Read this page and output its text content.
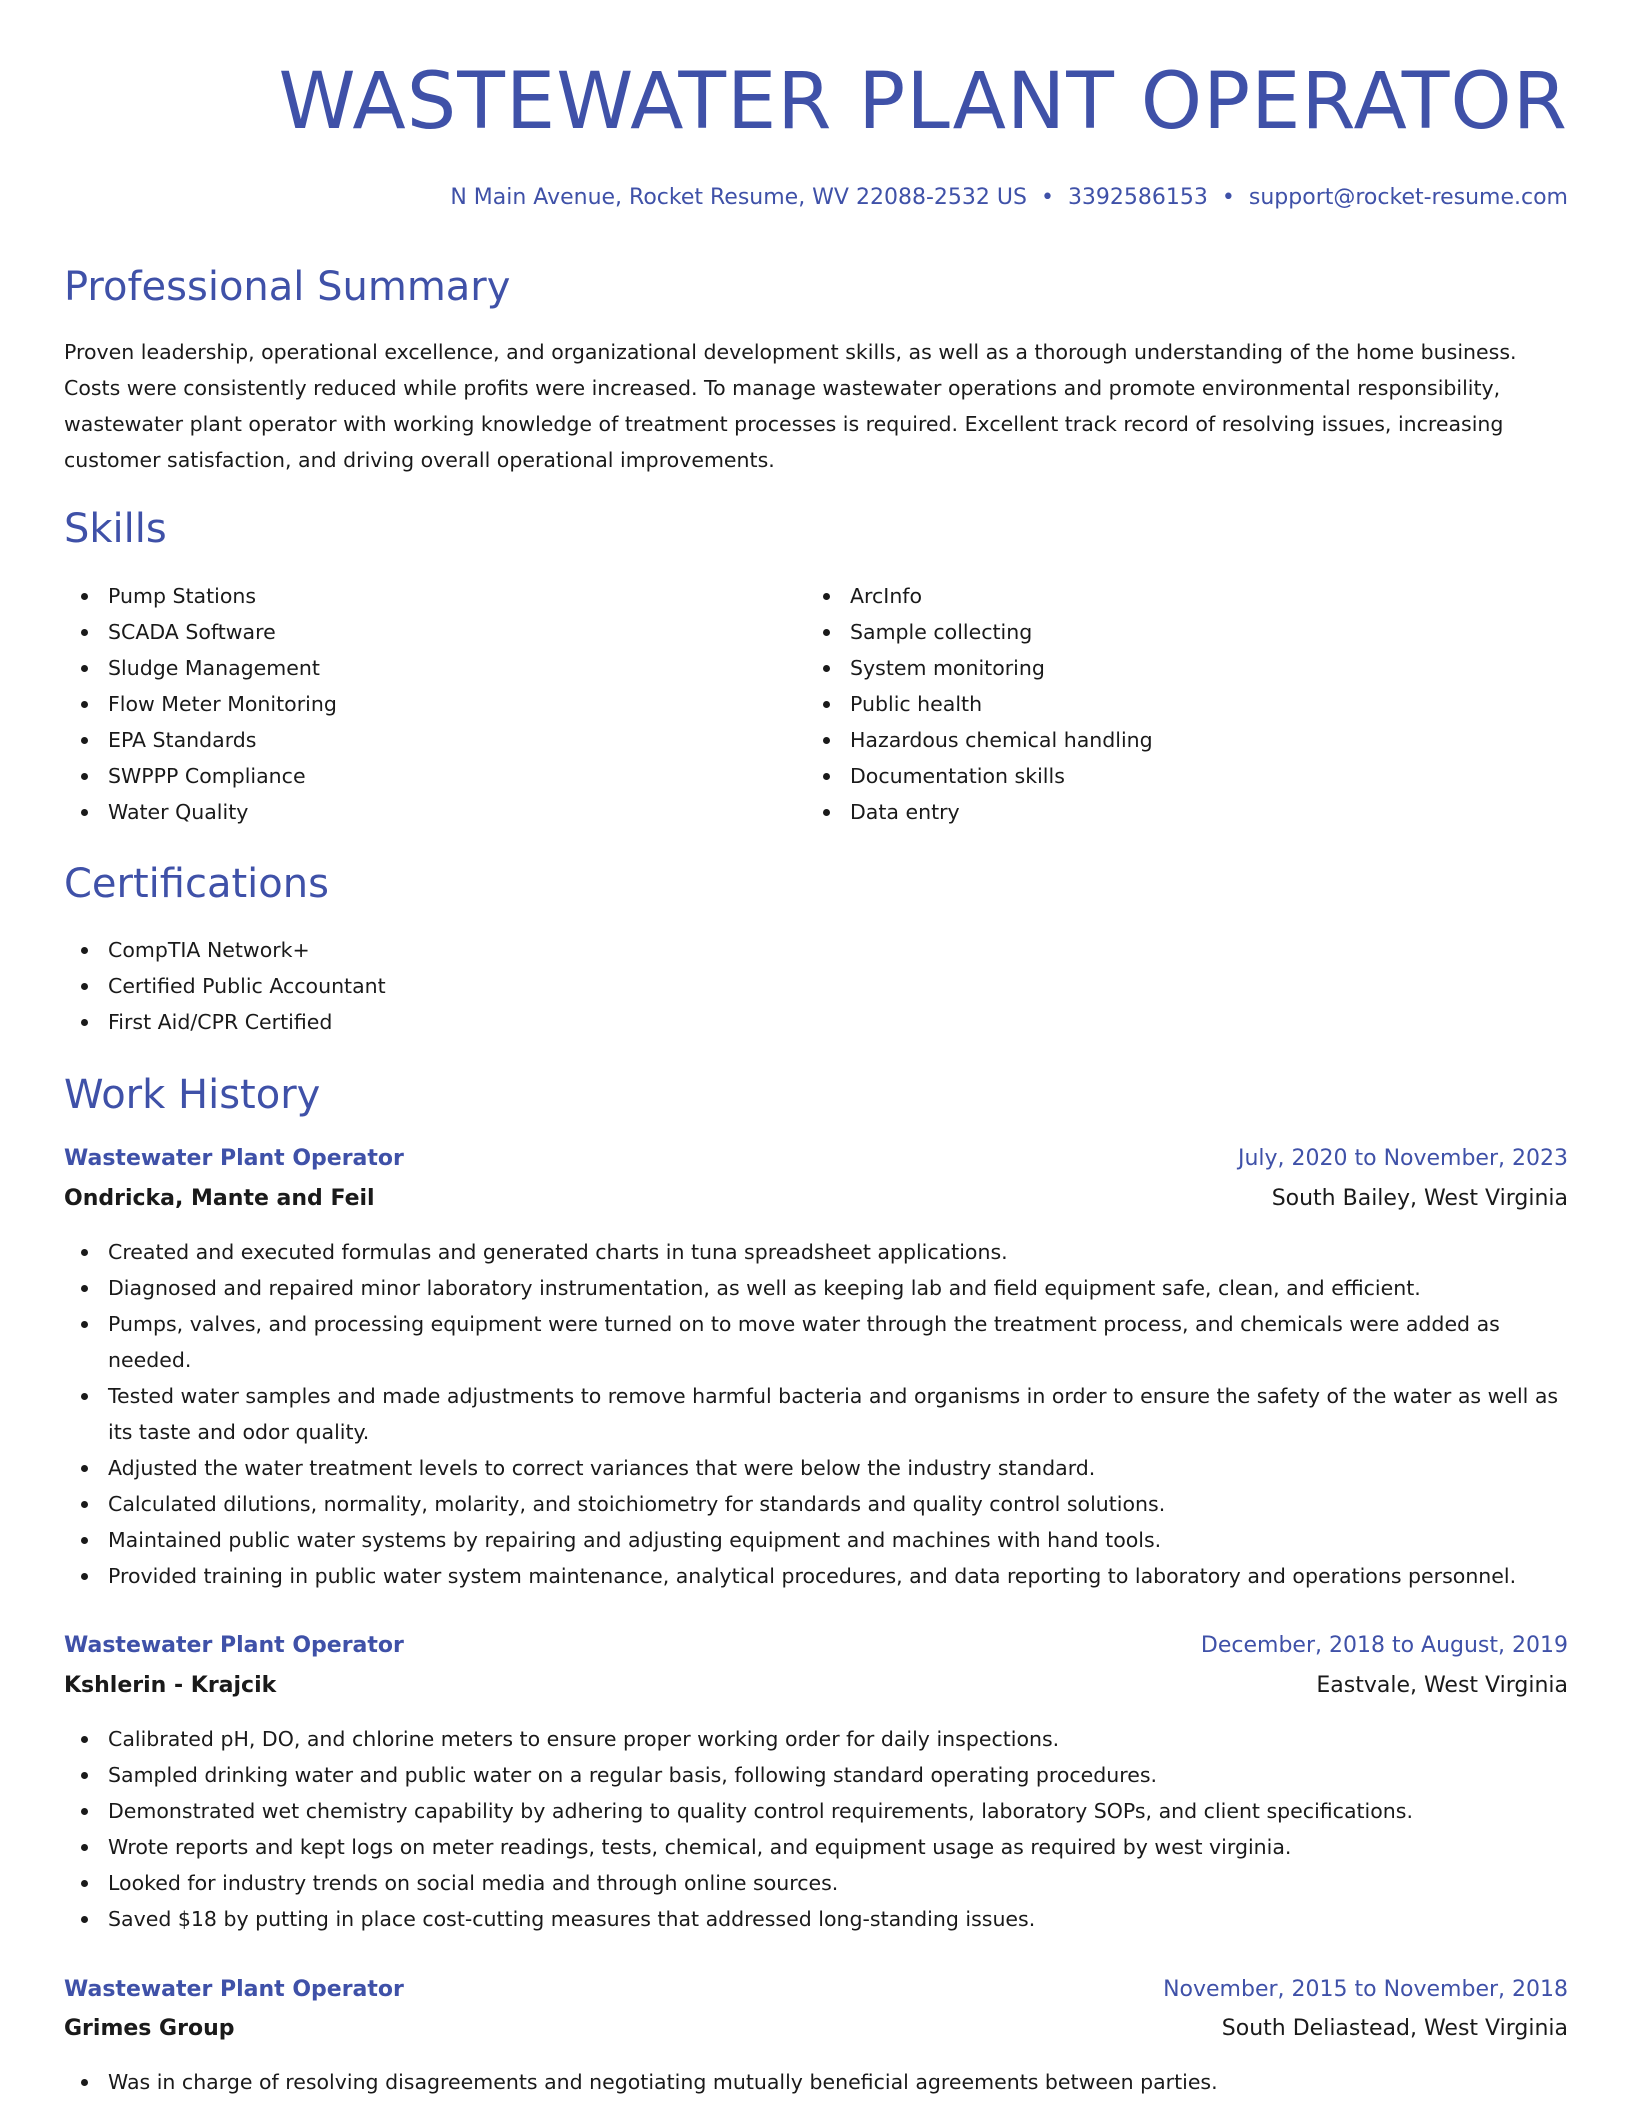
WASTEWATER PLANT OPERATOR
N Main Avenue, Rocket Resume, WV 22088-2532 US • 3392586153 • support@rocket-resume.com
Professional Summary
Proven leadership, operational excellence, and organizational development skills, as well as a thorough understanding of the home business. Costs were consistently reduced while profits were increased. To manage wastewater operations and promote environmental responsibility, wastewater plant operator with working knowledge of treatment processes is required. Excellent track record of resolving issues, increasing customer satisfaction, and driving overall operational improvements.
Skills
Pump Stations
SCADA Software
Sludge Management
Flow Meter Monitoring
EPA Standards
SWPPP Compliance
Water Quality
ArcInfo
Sample collecting
System monitoring
Public health
Hazardous chemical handling
Documentation skills
Data entry
Certifications
CompTIA Network+
Certified Public Accountant
First Aid/CPR Certified
Work History
Wastewater Plant Operator	July, 2020 to November, 2023
Ondricka, Mante and Feil	South Bailey, West Virginia
Created and executed formulas and generated charts in tuna spreadsheet applications.
Diagnosed and repaired minor laboratory instrumentation, as well as keeping lab and field equipment safe, clean, and efficient.
Pumps, valves, and processing equipment were turned on to move water through the treatment process, and chemicals were added as needed.
Tested water samples and made adjustments to remove harmful bacteria and organisms in order to ensure the safety of the water as well as its taste and odor quality.
Adjusted the water treatment levels to correct variances that were below the industry standard.
Calculated dilutions, normality, molarity, and stoichiometry for standards and quality control solutions.
Maintained public water systems by repairing and adjusting equipment and machines with hand tools.
Provided training in public water system maintenance, analytical procedures, and data reporting to laboratory and operations personnel.
Wastewater Plant Operator	December, 2018 to August, 2019
Kshlerin - Krajcik	Eastvale, West Virginia
Calibrated pH, DO, and chlorine meters to ensure proper working order for daily inspections.
Sampled drinking water and public water on a regular basis, following standard operating procedures.
Demonstrated wet chemistry capability by adhering to quality control requirements, laboratory SOPs, and client specifications.
Wrote reports and kept logs on meter readings, tests, chemical, and equipment usage as required by west virginia.
Looked for industry trends on social media and through online sources.
Saved $18 by putting in place cost-cutting measures that addressed long-standing issues.
Wastewater Plant Operator	November, 2015 to November, 2018
Grimes Group	South Deliastead, West Virginia
Was in charge of resolving disagreements and negotiating mutually beneficial agreements between parties.
